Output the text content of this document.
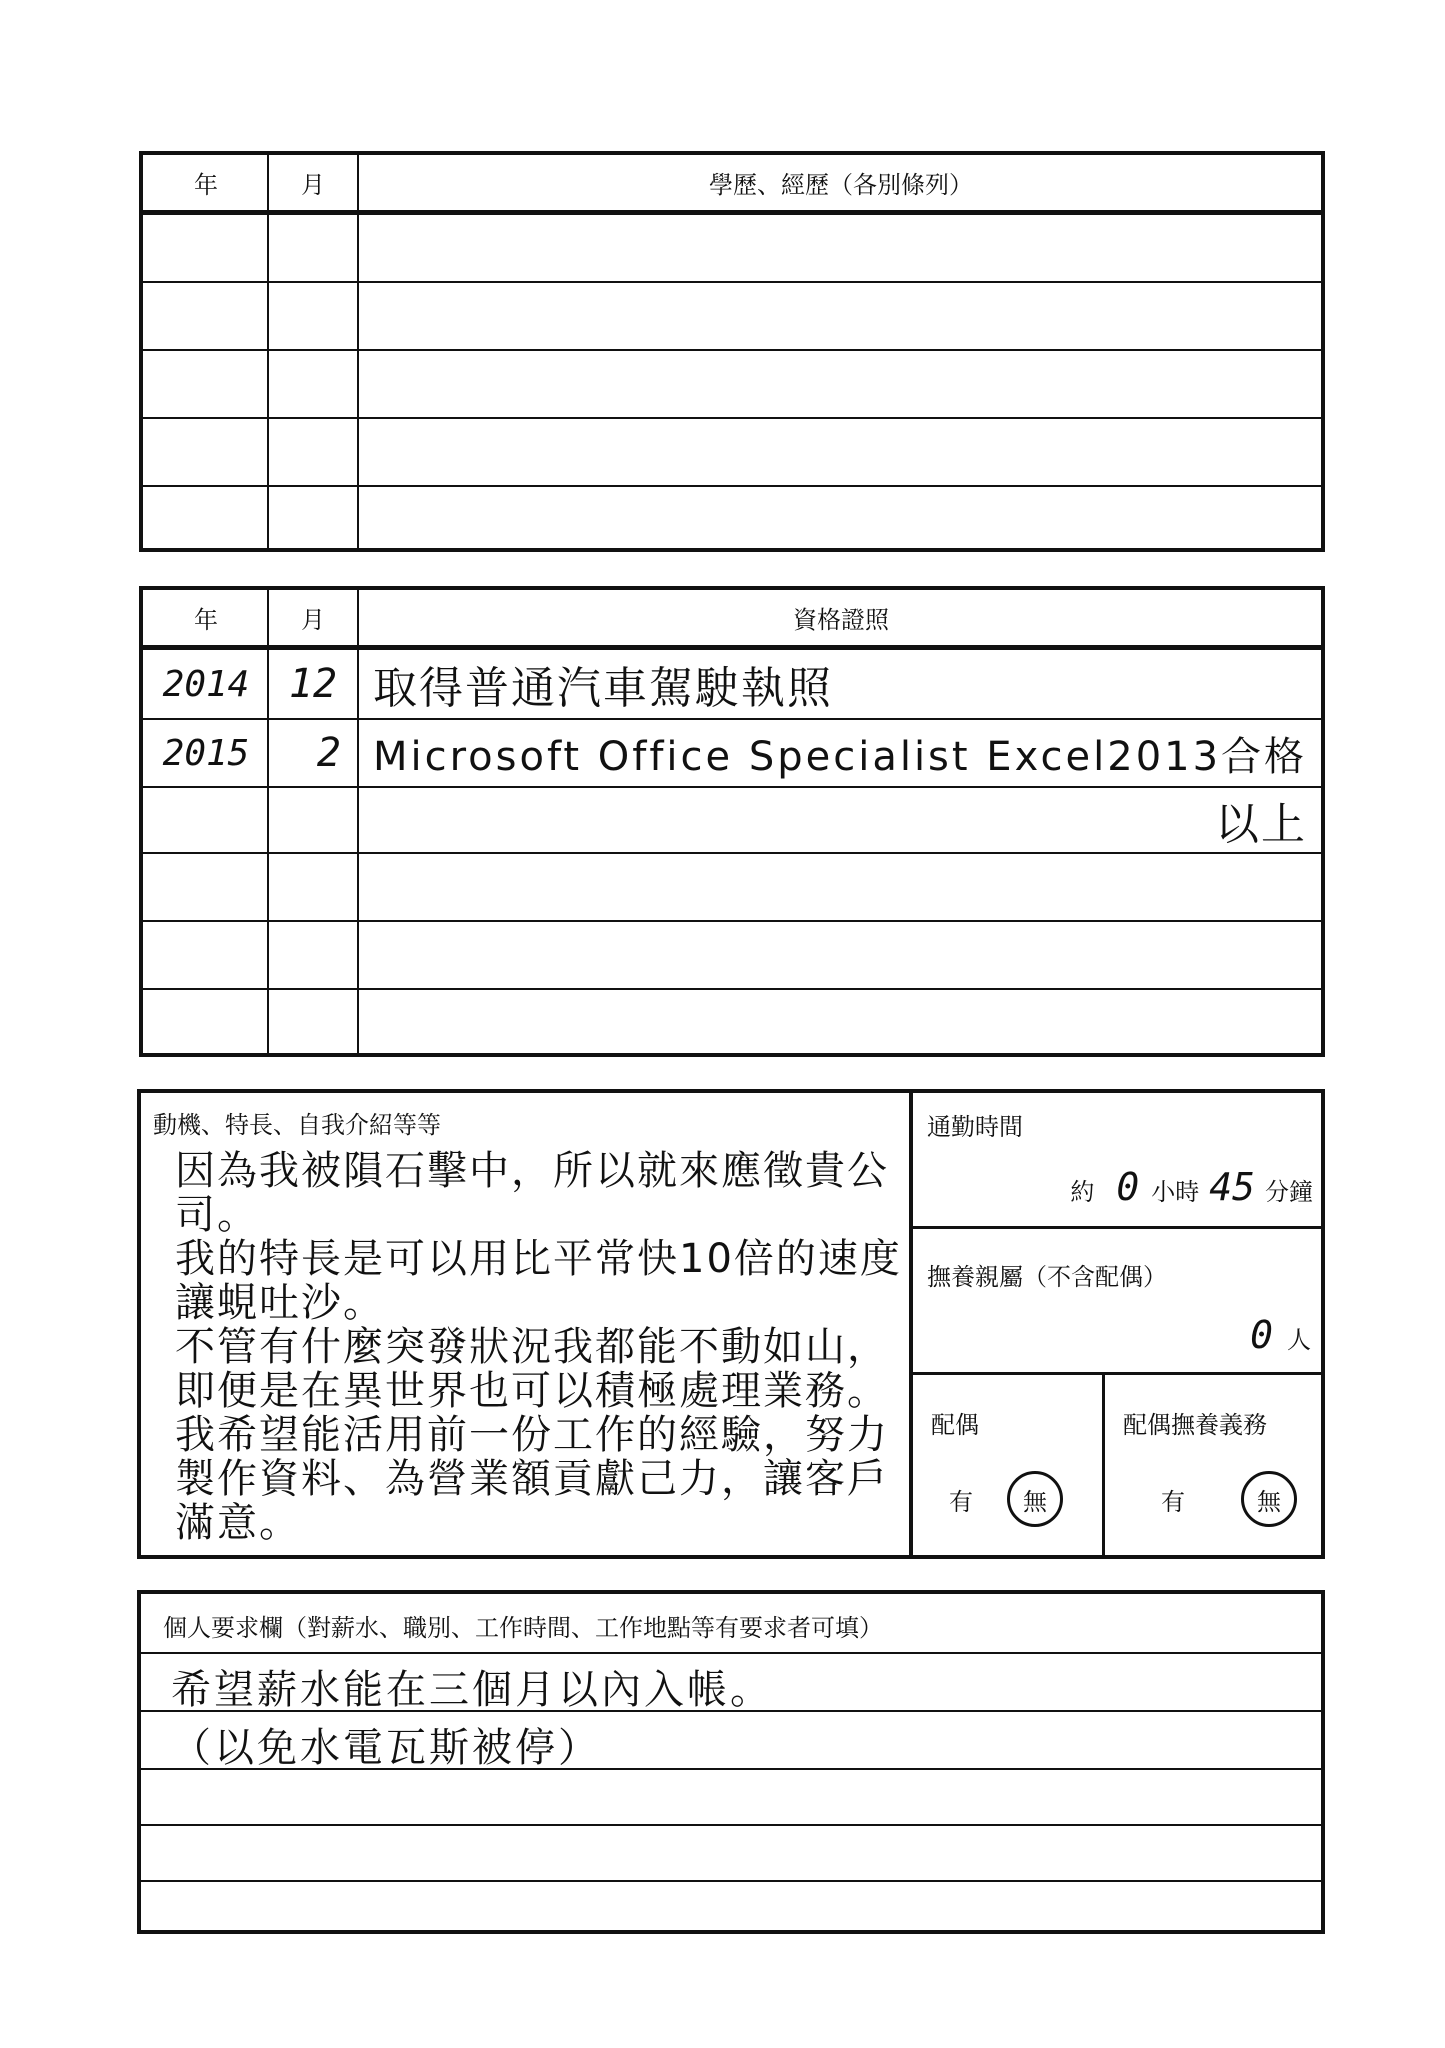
年	月	學歷、經歷（各別條列）
年	月	資格證照
2014 12 取得普通汽車駕駛執照
2015	2 Microsoft Office Specialist Excel2013合格
以上
動機、特長、自我介紹等等

因為我被隕石擊中，所以就來應徵貴公司。

我的特長是可以用比平常快10倍的速度讓蜆吐沙。

不管有什麼突發狀況我都能不動如山，即便是在異世界也可以積極處理業務。

我希望能活用前一份工作的經驗，努力製作資料、為營業額貢獻己力，讓客戶滿意。

通勤時間
約 0 小時 45 分鐘
撫養親屬（不含配偶）
0 人
配偶
有	無
配偶撫養義務
有	無
個人要求欄（對薪水、職別、工作時間、工作地點等有要求者可填）
希望薪水能在三個月以內入帳。
（以免水電瓦斯被停）
